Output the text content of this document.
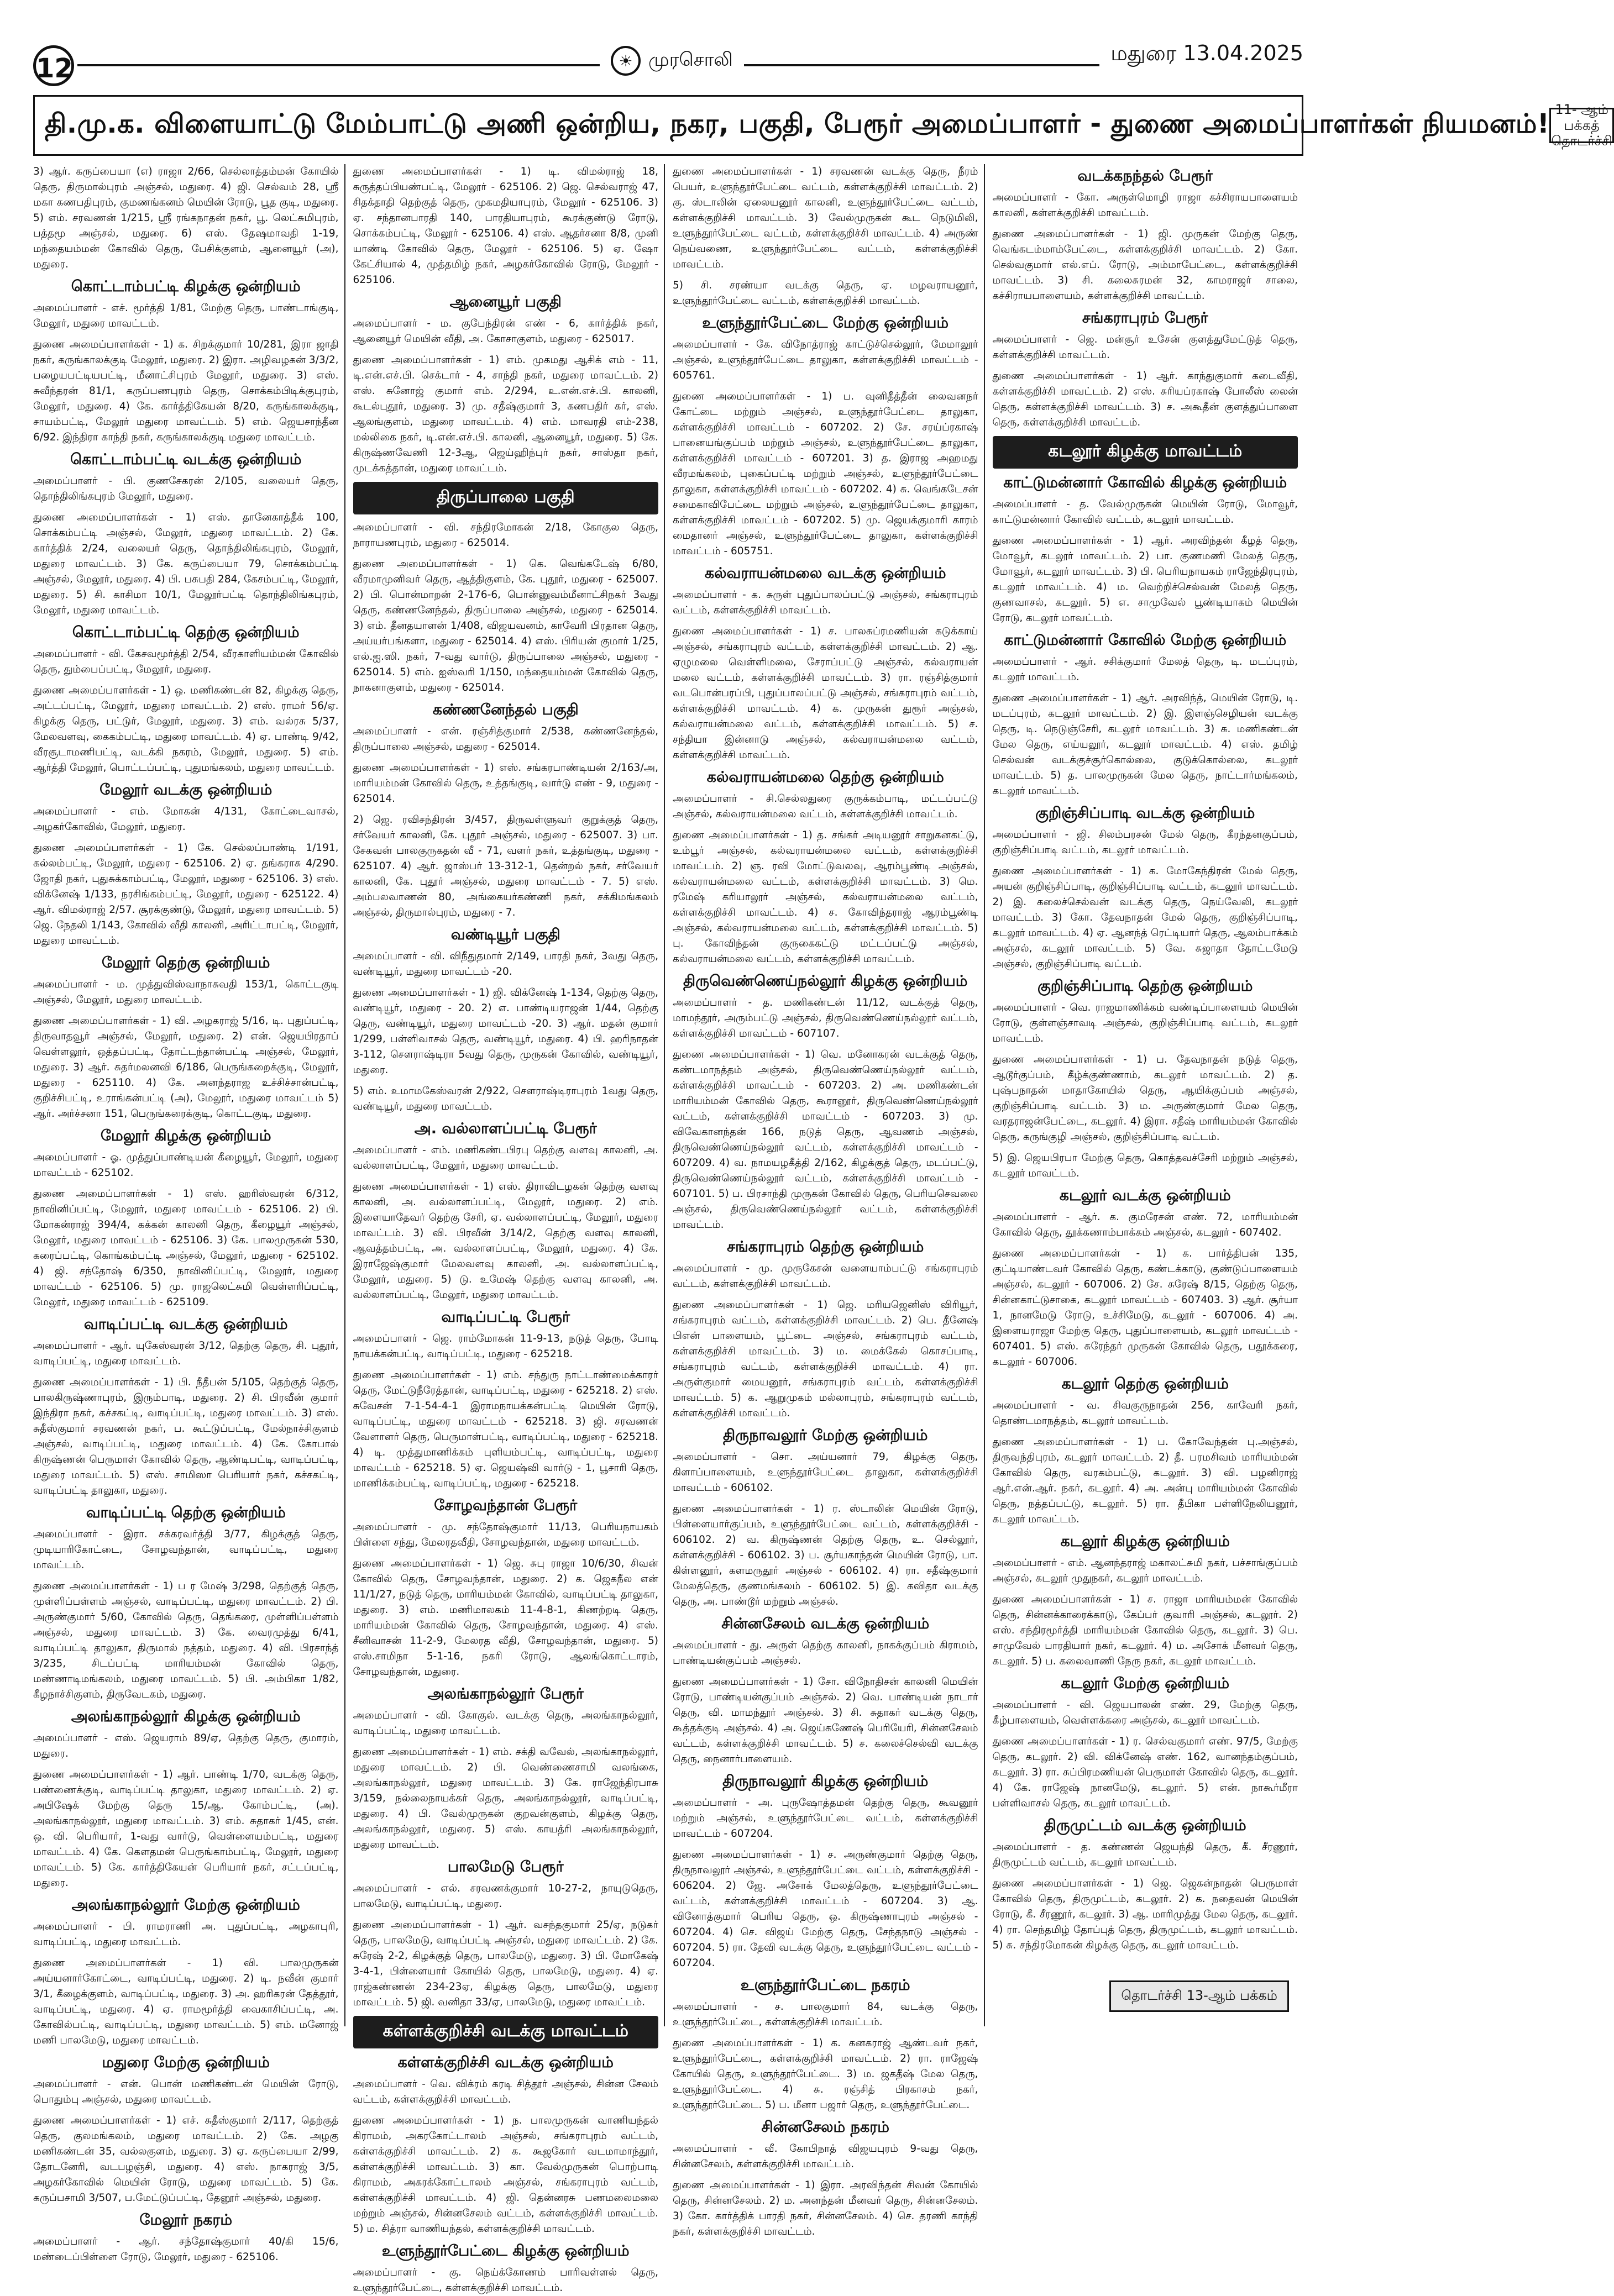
12	☀ முரசொலி	மதுரை 13.04.2025
தி.மு.க. விளையாட்டு மேம்பாட்டு அணி ஒன்றிய, நகர, பகுதி, பேரூர் அமைப்பாளர் - துணை அமைப்பாளர்கள் நியமனம்! 11- ஆம் பக்கத் தொடர்ச்சி
3) ஆர். கருப்பையா (எ) ராஜா 2/66, செல்லாத்தம்மன் கோயில் தெரு, திருமால்புரம் அஞ்சல், மதுரை. 4) ஜி. செல்வம் 28, ஸ்ரீ மகா கணபதிபுரம், குமணங்கனம் மெயின் ரோடு, பூத குடி, மதுரை. 5) எம். சரவணன் 1/215, ஸ்ரீ ரங்கநாதன் நகர், பூ. லெட்சுமிபுரம், பத்தமூ அஞ்சல், மதுரை. 6) எஸ். தேஷமாவதி 1-19, மந்தையம்மன் கோவில் தெரு, பேசிக்குளம், ஆனையூர் (அ), மதுரை.
கொட்டாம்பட்டி கிழக்கு ஒன்றியம்
அமைப்பாளர் - எச். மூர்த்தி 1/81, மேற்கு தெரு, பாண்டாங்குடி, மேலூர், மதுரை மாவட்டம்.
துணை அமைப்பாளர்கள் - 1) க. சிறக்குமார் 10/281, இரா ஜாதி நகர், கருங்காலக்குடி மேலூர், மதுரை. 2) இரா. அழிவழகன் 3/3/2, பழையபட்டியபட்டி, மீனாட்சிபுரம் மேலூர், மதுரை. 3) எஸ். சுவீந்தரன் 81/1, கருப்பணபுரம் தெரு, சொக்கம்பிடிக்குபுரம், மேலூர், மதுரை. 4) கே. கார்த்திகேயன் 8/20, கருங்காலக்குடி, சாயம்பட்டி, மேலூர் மதுரை மாவட்டம். 5) எம். ஜெயசாந்தீன 6/92. இந்திரா காந்தி நகர், கருங்காலக்குடி மதுரை மாவட்டம்.
கொட்டாம்பட்டி வடக்கு ஒன்றியம்
அமைப்பாளர் - பி. குணசேகரன் 2/105, வலையர் தெரு, தொந்திலிங்கபுரம் மேலூர், மதுரை.
துணை அமைப்பாளர்கள் - 1) எஸ். தானேகாத்தீக் 100, சொக்கம்பட்டி அஞ்சல், மேலூர், மதுரை மாவட்டம். 2) கே. கார்த்திக் 2/24, வலையர் தெரு, தொந்திலிங்கபுரம், மேலூர், மதுரை மாவட்டம். 3) கே. கருப்பையா 79, சொக்கம்பட்டி அஞ்சல், மேலூர், மதுரை. 4) பி. பசுபதி 284, கேசம்பட்டி, மேலூர், மதுரை. 5) சி. காசிமா 10/1, மேலூர்பட்டி தொந்திலிங்கபுரம், மேலூர், மதுரை மாவட்டம்.
கொட்டாம்பட்டி தெற்கு ஒன்றியம்
அமைப்பாளர் - வி. கேசவமூர்த்தி 2/54, வீரகாளியம்மன் கோவில் தெரு, தும்பைப்பட்டி, மேலூர், மதுரை.
துணை அமைப்பாளர்கள் - 1) ஒ. மணிகண்டன் 82, கிழக்கு தெரு, அட்டப்பட்டி, மேலூர், மதுரை மாவட்டம். 2) எஸ். ராமர் 56/ஏ. கிழக்கு தெரு, பட்டுர், மேலூர், மதுரை. 3) எம். வல்ரசு 5/37, மேலவளவு, கைகம்பட்டி, மதுரை மாவட்டம். 4) ஏ. பாண்டி 9/42, வீரசூடாமணிபட்டி, வடக்கி நகரம், மேலூர், மதுரை. 5) எம். ஆர்த்தி மேலூர், பொட்டப்பட்டி, புதுமங்கலம், மதுரை மாவட்டம்.
மேலூர் வடக்கு ஒன்றியம்
அமைப்பாளர் - எம். மோகன் 4/131, கோட்டைவாசல், அழகர்கோவில், மேலூர், மதுரை.
துணை அமைப்பாளர்கள் - 1) கே. செல்லப்பாண்டி 1/191, கல்லம்பட்டி, மேலூர், மதுரை - 625106. 2) ஏ. தங்கராசு 4/290. ஜோதி நகர், புதுசுக்காம்பட்டி, மேலூர், மதுரை - 625106. 3) எஸ். விக்னேஷ் 1/133, நரசிங்கம்பட்டி, மேலூர், மதுரை - 625122. 4) ஆர். விமல்ராஜ் 2/57. சூரக்குண்டு, மேலூர், மதுரை மாவட்டம். 5) ஜெ. நேதலி 1/143, கோவில் வீதி காலனி, அரிட்டாபட்டி, மேலூர், மதுரை மாவட்டம்.
மேலூர் தெற்கு ஒன்றியம்
அமைப்பாளர் - ம. முத்துவிஸ்வாநாசுவதி 153/1, கொட்டகுடி அஞ்சல், மேலூர், மதுரை மாவட்டம்.
துணை அமைப்பாளர்கள் - 1) வி. அழகராஜ் 5/16, டி. புதுப்பட்டி, திருவாதவூர் அஞ்சல், மேலூர், மதுரை. 2) என். ஜெயபிரதாப் வெள்ளலூர், ஒத்தப்பட்டி, தோட்டந்தான்பட்டி அஞ்சல், மேலூர், மதுரை. 3) ஆர். சுதர்மலனவி 6/186, பெருங்கறைக்குடி, மேலூர், மதுரை - 625110. 4) கே. அனந்தராஜ உச்சிச்சான்பட்டி, குறிச்சிபட்டி, உராங்கன்பட்டி (அ), மேலூர், மதுரை மாவட்டம் 5) ஆர். அர்ச்சனா 151, பெருங்கரைக்குடி, கொட்டகுடி, மதுரை.
மேலூர் கிழக்கு ஒன்றியம்
அமைப்பாளர் - ஓ. முத்துப்பாண்டியன் கீழையூர், மேலூர், மதுரை மாவட்டம் - 625102.
துணை அமைப்பாளர்கள் - 1) எஸ். ஹரிஸ்வரன் 6/312, நாவினிப்பட்டி, மேலூர், மதுரை மாவட்டம் - 625106. 2) பி. மோகன்ராஜ் 394/4, கக்கன் காலனி தெரு, கீழையூர் அஞ்சல், மேலூர், மதுரை மாவட்டம் - 625106. 3) கே. பாலமுருகன் 530, கரைப்பட்டி, கொங்கம்பட்டி அஞ்சல், மேலூர், மதுரை - 625102. 4) ஜி. சந்தோஷ் 6/350, நாவினிப்பட்டி, மேலூர், மதுரை மாவட்டம் - 625106. 5) மு. ராஜலெட்சுமி வெள்ளரிப்பட்டி, மேலூர், மதுரை மாவட்டம் - 625109.
வாடிப்பட்டி வடக்கு ஒன்றியம்
அமைப்பாளர் - ஆர். யுகேஸ்வரன் 3/12, தெற்கு தெரு, சி. புதூர், வாடிப்பட்டி, மதுரை மாவட்டம்.
துணை அமைப்பாளர்கள் - 1) பி. நீதீபன் 5/105, தெற்குத் தெரு, பாலகிருஷ்ணாபுரம், இரும்பாடி, மதுரை. 2) சி. பிரவீன் குமார் இந்திரா நகர், கச்சகட்டி, வாடிப்பட்டி, மதுரை மாவட்டம். 3) எஸ். சுதீஸ்குமார் சரவணன் நகர், ப. கூட்டுப்பட்டி, மேல்நாச்சிகுளம் அஞ்சல், வாடிப்பட்டி, மதுரை மாவட்டம். 4) கே. கோபால் கிருஷ்ணன் பெருமாள் கோவில் தெரு, ஆண்டிபட்டி, வாடிப்பட்டி, மதுரை மாவட்டம். 5) எஸ். சாமிஸா பெரியார் நகர், கச்சகட்டி, வாடிப்பட்டி தாலுகா, மதுரை.
வாடிப்பட்டி தெற்கு ஒன்றியம்
அமைப்பாளர் - இரா. சக்கரவர்த்தி 3/77, கிழக்குத் தெரு, முடியாரிகோட்டை, சோழவந்தான், வாடிப்பட்டி, மதுரை மாவட்டம்.
துணை அமைப்பாளர்கள் - 1) ப ர மேஷ் 3/298, தெற்குத் தெரு, முள்ளிப்பள்ளம் அஞ்சல், வாடிப்பட்டி, மதுரை மாவட்டம். 2) பி. அருண்குமார் 5/60, கோவில் தெரு, தெங்கரை, முள்ளிப்பள்ளம் அஞ்சல், மதுரை மாவட்டம். 3) கே. வைரமுத்து 6/41, வாடிப்பட்டி தாலுகா, திருமால் நத்தம், மதுரை. 4) வி. பிரசாந்த் 3/235, சிடப்பட்டி மாரியம்மன் கோவில் தெரு, மண்ணாடிமங்கலம், மதுரை மாவட்டம். 5) பி. அம்பிகா 1/82, கீழநாச்சிகுளம், திருவேடகம், மதுரை.
அலங்காநல்லூர் கிழக்கு ஒன்றியம்
அமைப்பாளர் - எஸ். ஜெயராம் 89/ஏ, தெற்கு தெரு, குமாரம், மதுரை.
துணை அமைப்பாளர்கள் - 1) ஆர். பாண்டி 1/70, வடக்கு தெரு, பண்ணைக்குடி, வாடிப்பட்டி தாலுகா, மதுரை மாவட்டம். 2) ஏ. அபிஷேக் மேற்கு தெரு 15/ஆ. கோம்பட்டி, (அ). அலங்காநல்லூர், மதுரை மாவட்டம். 3) எம். சுதாகர் 1/45, என். ஒ. வி. பெரியார், 1-வது வார்டு, வெள்ளையம்பட்டி, மதுரை மாவட்டம். 4) கே. கௌதமன் பெருங்காம்பட்டி, மேலூர், மதுரை மாவட்டம். 5) கே. கார்த்திகேயன் பெரியார் நகர், சட்டப்பட்டி, மதுரை.
அலங்காநல்லூர் மேற்கு ஒன்றியம்
அமைப்பாளர் - பி. ராமராணி அ. புதுப்பட்டி, அழகாபுரி, வாடிப்பட்டி, மதுரை மாவட்டம்.
துணை அமைப்பாளர்கள் - 1) வி. பாலமுருகன் அய்யனார்கோட்டை, வாடிப்பட்டி, மதுரை. 2) டி. நவீன் குமார் 3/1, கீழைக்குளம், வாடிப்பட்டி, மதுரை. 3) அ. ஹரிகரன் தேத்தூர், வாடிப்பட்டி, மதுரை. 4) ஏ. ராமமூர்த்தி வைகாசிப்பட்டி, அ. கோவில்பட்டி, வாடிப்பட்டி, மதுரை மாவட்டம். 5) எம். மனோஜ் மணி பாலமேடு, மதுரை மாவட்டம்.
மதுரை மேற்கு ஒன்றியம்
அமைப்பாளர் - என். பொன் மணிகண்டன் மெயின் ரோடு, பொதும்பு அஞ்சல், மதுரை மாவட்டம்.
துணை அமைப்பாளர்கள் - 1) எச். சுதீஸ்குமார் 2/117, தெற்குத் தெரு, குலமங்கலம், மதுரை மாவட்டம். 2) கே. அழகு மணிகண்டன் 35, வல்லகுளம், மதுரை. 3) ஏ. கருப்பையா 2/99, தோடனேரி, வடபழஞ்சி, மதுரை. 4) எஸ். நாகராஜ் 3/5, அழகர்கோவில் மெயின் ரோடு, மதுரை மாவட்டம். 5) கே. கருப்பசாமி 3/507, ப.மேட்டுப்பட்டி, தேனூர் அஞ்சல், மதுரை.
மேலூர் நகரம்
அமைப்பாளர் - ஆர். சந்தோஷ்குமார் 40/கி 15/6, மண்டைப்பிள்ளை ரோடு, மேலூர், மதுரை - 625106.
துணை அமைப்பாளர்கள் - 1) டி. விமல்ராஜ் 18, சுருத்தப்பியண்பட்டி, மேலூர் - 625106. 2) ஜெ. செல்வராஜ் 47, சிதக்தாதி தெற்குத் தெரு, முகமதியாபுரம், மேலூர் - 625106. 3) ஏ. சந்தானபாரதி 140, பாரதியாபுரம், கூரக்குண்டு ரோடு, சொக்கம்பட்டி, மேலூர் - 625106. 4) எஸ். ஆதர்சனா 8/8, முனி யாண்டி கோவில் தெரு, மேலூர் - 625106. 5) ஏ. ஷோ கேட்சியால் 4, முத்தமிழ் நகர், அழகர்கோவில் ரோடு, மேலூர் - 625106.
ஆனையூர் பகுதி
அமைப்பாளர் - ம. குபேந்திரன் எண் - 6, கார்த்திக் நகர், ஆனையூர் மெயின் வீதி, அ. கோசாகுளம், மதுரை - 625017.
துணை அமைப்பாளர்கள் - 1) எம். முகமது ஆசிக் எம் - 11, டி.என்.எச்.பி. செக்டார் - 4, சாந்தி நகர், மதுரை மாவட்டம். 2) எஸ். சுனோஜ் குமார் எம். 2/294, உ.என்.எச்.பி. காலனி, கூடல்புதூர், மதுரை. 3) மு. சதீஷ்குமார் 3, கணபதிர் கர், எஸ். ஆலங்குளம், மதுரை மாவட்டம். 4) எம். மாவரதி எம்-238, மல்லிகை நகர், டி.என்.எச்.பி. காலனி, ஆனையூர், மதுரை. 5) கே. கிருஷ்ணவேணி 12-3ஆ, ஜெய்ஹிந்புர் நகர், சாஸ்தா நகர், முடக்கத்தான், மதுரை மாவட்டம்.
திருப்பாலை பகுதி
அமைப்பாளர் - வி. சந்திரமோகன் 2/18, கோகுல தெரு, நாராயணபுரம், மதுரை - 625014.
துணை அமைப்பாளர்கள் - 1) கெ. வெங்கடேஷ் 6/80, வீரமாமுனிவர் தெரு, ஆத்திகுளம், கே. புதூர், மதுரை - 625007. 2) பி. பொன்மாறன் 2-176-6, பொன்னுவம்மீனாட்சிநகர் 3வது தெரு, கண்ணனேந்தல், திருப்பாலை அஞ்சல், மதுரை - 625014. 3) எம். தீனதயாளன் 1/408, விஜயவனம், காவேரி பிரதான தெரு, அய்யர்பங்களா, மதுரை - 625014. 4) எஸ். பிரியன் குமார் 1/25, எல்.ஐ.ஸி. நகர், 7-வது வார்டு, திருப்பாலை அஞ்சல், மதுரை - 625014. 5) எம். ஐஸ்வரி 1/150, மந்தையம்மன் கோவில் தெரு, நாகனாகுளம், மதுரை - 625014.
கண்ணனேந்தல் பகுதி
அமைப்பாளர் - என். ரஞ்சித்குமார் 2/538, கண்ணனேந்தல், திருப்பாலை அஞ்சல், மதுரை - 625014.
துணை அமைப்பாளர்கள் - 1) எஸ். சங்கரபாண்டியன் 2/163/அ, மாரியம்மன் கோவில் தெரு, உத்தங்குடி, வார்டு எண் - 9, மதுரை - 625014.
2) ஜெ. ரவிசந்திரன் 3/457, திருவள்ளுவர் குறுக்குத் தெரு, சர்வேயர் காலனி, கே. புதூர் அஞ்சல், மதுரை - 625007. 3) பா. சேகவன் பாலகுருகதன் வீ - 71, வளர் நகர், உத்தங்குடி, மதுரை - 625107. 4) ஆர். ஜாஸ்பர் 13-312-1, தென்றல் நகர், சர்வேயர் காலனி, கே. புதூர் அஞ்சல், மதுரை மாவட்டம் - 7. 5) எஸ். அம்பலவாணன் 80, அங்கையர்கண்ணி நகர், சக்கிமங்கலம் அஞ்சல், திருமால்புரம், மதுரை - 7.
வண்டியூர் பகுதி
அமைப்பாளர் - வி. விநீதுதமார் 2/149, பாரதி நகர், 3வது தெரு, வண்டியூர், மதுரை மாவட்டம் -20.
துணை அமைப்பாளர்கள் - 1) ஜி. விக்னேஷ் 1-134, தெற்கு தெரு, வண்டியூர், மதுரை - 20. 2) எ. பாண்டியராஜன் 1/44, தெற்கு தெரு, வண்டியூர், மதுரை மாவட்டம் -20. 3) ஆர். மதன் குமார் 1/299, பள்ளிவாசல் தெரு, வண்டியூர், மதுரை. 4) பி. ஹரிநாதன் 3-112, சௌராஷ்டிரா 5வது தெரு, முருகன் கோவில், வண்டியூர், மதுரை.
5) எம். உமாமகேஸ்வரன் 2/922, சௌராஷ்டிராபுரம் 1வது தெரு, வண்டியூர், மதுரை மாவட்டம்.
அ. வல்லாளப்பட்டி பேரூர்
அமைப்பாளர் - எம். மணிகண்டபிரபு தெற்கு வளவு காலனி, அ. வல்லாளப்பட்டி, மேலூர், மதுரை மாவட்டம்.
துணை அமைப்பாளர்கள் - 1) எஸ். திராவிடழகன் தெற்கு வளவு காலனி, அ. வல்லாளப்பட்டி, மேலூர், மதுரை. 2) எம். இளையாதேவர் தெற்கு சேரி, ஏ. வல்லாளப்பட்டி, மேலூர், மதுரை மாவட்டம். 3) வி. பிரவீன் 3/14/2, தெற்கு வளவு காலனி, ஆவத்தம்பட்டி, அ. வல்லாளப்பட்டி, மேலூர், மதுரை. 4) கே. இராஜேஷ்குமார் மேலவளவு காலனி, அ. வல்லாளப்பட்டி, மேலூர், மதுரை. 5) டு. உமேஷ் தெற்கு வளவு காலனி, அ. வல்லாளப்பட்டி, மேலூர், மதுரை மாவட்டம்.
வாடிப்பட்டி பேரூர்
அமைப்பாளர் - ஜெ. ராம்மோகன் 11-9-13, நடுத் தெரு, போடி நாயக்கன்பட்டி, வாடிப்பட்டி, மதுரை - 625218.
துணை அமைப்பாளர்கள் - 1) எம். சந்துரு நாட்டாண்மைக்காரர் தெரு, மேட்டுநீரேத்தான், வாடிப்பட்டி, மதுரை - 625218. 2) எஸ். சுவேசன் 7-1-54-4-1 இராமநாயக்கன்பட்டி மெயின் ரோடு, வாடிப்பட்டி, மதுரை மாவட்டம் - 625218. 3) ஜி. சரவணன் வேளாளர் தெரு, பெருமாள்பட்டி, வாடிப்பட்டி, மதுரை - 625218. 4) டி. முத்துமாணிக்கம் புளியம்பட்டி, வாடிப்பட்டி, மதுரை மாவட்டம் - 625218. 5) ஏ. ஜெயஷ்வி வார்டு - 1, பூசாரி தெரு, மாணிக்கம்பட்டி, வாடிப்பட்டி, மதுரை - 625218.
சோழவந்தான் பேரூர்
அமைப்பாளர் - மு. சந்தோஷ்குமார் 11/13, பெரியநாயகம் பிள்ளை சந்து, மேலரதவீதி, சோழவந்தான், மதுரை மாவட்டம்.
துணை அமைப்பாளர்கள் - 1) ஜெ. சுபு ராஜா 10/6/30, சிவன் கோவில் தெரு, சோழவந்தான், மதுரை. 2) க. ஜெகநீல என் 11/1/27, நடுத் தெரு, மாரியம்மன் கோவில், வாடிப்பட்டி தாலுகா, மதுரை. 3) எம். மணிமாலகம் 11-4-8-1, கிணற்றடி தெரு, மாரியம்மன் கோவில் தெரு, சோழவந்தான், மதுரை. 4) எஸ். சீனிவாசன் 11-2-9, மேலரத வீதி, சோழவந்தான், மதுரை. 5) எஸ்.சாமிநா 5-1-16, நகரி ரோடு, ஆலங்கொட்டாரம், சோழவந்தான், மதுரை.
அலங்காநல்லூர் பேரூர்
அமைப்பாளர் - வி. கோகுல். வடக்கு தெரு, அலங்காநல்லூர், வாடிப்பட்டி, மதுரை மாவட்டம்.
துணை அமைப்பாளர்கள் - 1) எம். சக்தி வவேல், அலங்காநல்லூர், மதுரை மாவட்டம். 2) பி. வெண்ணைசாமி வலங்கை, அலங்காநல்லூர், மதுரை மாவட்டம். 3) கே. ராஜேந்திரபாசு 3/159, நல்லைநாயக்கர் தெரு, அலங்காநல்லூர், வாடிப்பட்டி, மதுரை. 4) பி. வேல்முருகன் குறவன்குளம், கிழக்கு தெரு, அலங்காநல்லூர், மதுரை. 5) எஸ். காயத்ரி அலங்காநல்லூர், மதுரை மாவட்டம்.
பாலமேடு பேரூர்
அமைப்பாளர் - எல். சரவணக்குமார் 10-27-2, நாயுடுதெரு, பாலமேடு, வாடிப்பட்டி, மதுரை.
துணை அமைப்பாளர்கள் - 1) ஆர். வசந்தகுமார் 25/ஏ, நடுகர் தெரு, பாலமேடு, வாடிப்பட்டி அஞ்சல், மதுரை மாவட்டம். 2) கே. சுரேஷ் 2-2, கிழக்குத் தெரு, பாலமேடு, மதுரை. 3) பி. மோகேஷ் 3-4-1, பிள்ளையார் கோயில் தெரு, பாலமேடு, மதுரை. 4) ஏ. ராஜ்கண்ணன் 234-23ஏ, கிழக்கு தெரு, பாலமேடு, மதுரை மாவட்டம். 5) ஜி. வனிதா 33/ஏ, பாலமேடு, மதுரை மாவட்டம்.
கள்ளக்குறிச்சி வடக்கு மாவட்டம்
கள்ளக்குறிச்சி வடக்கு ஒன்றியம்
அமைப்பாளர் - வெ. விக்ரம் கரடி சித்தூர் அஞ்சல், சின்ன சேலம் வட்டம், கள்ளக்குறிச்சி மாவட்டம்.
துணை அமைப்பாளர்கள் - 1) ந. பாலமுருகன் வாணியந்தல் கிராமம், அகரகோட்டாலம் அஞ்சல், சங்கராபுரம் வட்டம், கள்ளக்குறிச்சி மாவட்டம். 2) க. கூஜகோர் வடமாமாந்தூர், கள்ளக்குறிச்சி மாவட்டம். 3) கா. வேல்முருகன் பொற்பாடி கிராமம், அகரக்கோட்டாலம் அஞ்சல், சங்கராபுரம் வட்டம், கள்ளக்குறிச்சி மாவட்டம். 4) ஜி. தென்னரசு பணமலைமலை மற்றும் அஞ்சல், சின்னசேலம் வட்டம், கள்ளக்குறிச்சி மாவட்டம். 5) ம. சித்ரா வாணியந்தல், கள்ளக்குறிச்சி மாவட்டம்.
உளுந்தூர்பேட்டை கிழக்கு ஒன்றியம்
அமைப்பாளர் - கு. நெய்க்கோணம் பாரிவள்ளல் தெரு, உளுந்தூர்பேட்டை, கள்ளக்குறிச்சி மாவட்டம்.
துணை அமைப்பாளர்கள் - 1) சரவணன் வடக்கு தெரு, நீரம் பெயர், உளுந்தூர்பேட்டை வட்டம், கள்ளக்குறிச்சி மாவட்டம். 2) கு. ஸ்டாலின் ஏலையனூர் காலனி, உளுந்தூர்பேட்டை வட்டம், கள்ளக்குறிச்சி மாவட்டம். 3) வேல்முருகன் கூட நெடுமிலி, உளுந்தூர்பேட்டை வட்டம், கள்ளக்குறிச்சி மாவட்டம். 4) அருண் நெய்வணை, உளுந்தூர்பேட்டை வட்டம், கள்ளக்குறிச்சி மாவட்டம்.
5) சி. சரண்யா வடக்கு தெரு, ஏ. மழவராயனூர், உளுந்தூர்பேட்டை வட்டம், கள்ளக்குறிச்சி மாவட்டம்.
உளுந்தூர்பேட்டை மேற்கு ஒன்றியம்
அமைப்பாளர் - கே. விநோத்ராஜ் காட்டுச்செல்லூர், மேமாலூர் அஞ்சல், உளுந்தூர்பேட்டை தாலுகா, கள்ளக்குறிச்சி மாவட்டம் - 605761.
துணை அமைப்பாளர்கள் - 1) ப. வுனிதீத்தீன் லைவனநர் கோட்டை மற்றும் அஞ்சல், உளுந்தூர்பேட்டை தாலுகா, கள்ளக்குறிச்சி மாவட்டம் - 607202. 2) சே. சரய்ப்ரகாஷ் பானையங்குப்பம் மற்றும் அஞ்சல், உளுந்தூர்பேட்டை தாலுகா, கள்ளக்குறிச்சி மாவட்டம் - 607201. 3) த. இராஜ அஹமது வீரமங்கலம், புகைப்பட்டி மற்றும் அஞ்சல், உளுந்தூர்பேட்டை தாலுகா, கள்ளக்குறிச்சி மாவட்டம் - 607202. 4) சு. வெங்கடேசன் சமைகாவிபேட்டை மற்றும் அஞ்சல், உளுந்தூர்பேட்டை தாலுகா, கள்ளக்குறிச்சி மாவட்டம் - 607202. 5) மு. ஜெயக்குமாரி காரம் மைதானர் அஞ்சல், உளுந்தூர்பேட்டை தாலுகா, கள்ளக்குறிச்சி மாவட்டம் - 605751.
கல்வராயன்மலை வடக்கு ஒன்றியம்
அமைப்பாளர் - க. சுருள் புதுப்பாலப்பட்டு அஞ்சல், சங்கராபுரம் வட்டம், கள்ளக்குறிச்சி மாவட்டம்.
துணை அமைப்பாளர்கள் - 1) ச. பாலசுப்ரமணியன் கடுக்காய் அஞ்சல், சங்கராபுரம் வட்டம், கள்ளக்குறிச்சி மாவட்டம். 2) ஆ. ஏழுமலை வெள்ளிமலை, சேராப்பட்டு அஞ்சல், கல்வராயன் மலை வட்டம், கள்ளக்குறிச்சி மாவட்டம். 3) ரா. ரஞ்சித்குமார் வடபொன்பரப்பி, புதுப்பாலப்பட்டு அஞ்சல், சங்கராபுரம் வட்டம், கள்ளக்குறிச்சி மாவட்டம். 4) க. முருகன் துரூர் அஞ்சல், கல்வராயன்மலை வட்டம், கள்ளக்குறிச்சி மாவட்டம். 5) ச. சந்தியா இன்னாடு அஞ்சல், கல்வராயன்மலை வட்டம், கள்ளக்குறிச்சி மாவட்டம்.
கல்வராயன்மலை தெற்கு ஒன்றியம்
அமைப்பாளர் - சி.செல்லதுரை குருக்கம்பாடி, மட்டப்பட்டு அஞ்சல், கல்வராயன்மலை வட்டம், கள்ளக்குறிச்சி மாவட்டம்.
துணை அமைப்பாளர்கள் - 1) த. சங்கர் அடியனூர் சாறுகனகட்டு, உம்பூர் அஞ்சல், கல்வராயன்மலை வட்டம், கள்ளக்குறிச்சி மாவட்டம். 2) ஞ. ரவி மோட்டுவலவு, ஆரம்பூண்டி அஞ்சல், கல்வராயன்மலை வட்டம், கள்ளக்குறிச்சி மாவட்டம். 3) மெ. ரமேஷ் கரியாலூர் அஞ்சல், கல்வராயன்மலை வட்டம், கள்ளக்குறிச்சி மாவட்டம். 4) ச. கோவிந்தராஜ் ஆரம்பூண்டி அஞ்சல், கல்வராயன்மலை வட்டம், கள்ளக்குறிச்சி மாவட்டம். 5) பு. கோவிந்தன் குருகைகட்டு மட்டப்பட்டு அஞ்சல், கல்வராயன்மலை வட்டம், கள்ளக்குறிச்சி மாவட்டம்.
திருவெண்ணெய்நல்லூர் கிழக்கு ஒன்றியம்
அமைப்பாளர் - த. மணிகண்டன் 11/12, வடக்குத் தெரு, மாமந்தூர், அரும்பட்டு அஞ்சல், திருவெண்ணெய்நல்லூர் வட்டம், கள்ளக்குறிச்சி மாவட்டம் - 607107.
துணை அமைப்பாளர்கள் - 1) வெ. மனோகரன் வடக்குத் தெரு, கண்டமாநத்தம் அஞ்சல், திருவெண்ணெய்நல்லூர் வட்டம், கள்ளக்குறிச்சி மாவட்டம் - 607203. 2) அ. மணிகண்டன் மாரியம்மன் கோவில் தெரு, கூரானூர், திருவெண்ணெய்நல்லூர் வட்டம், கள்ளக்குறிச்சி மாவட்டம் - 607203. 3) மு. விவேகானந்தன் 166, நடுத் தெரு, ஆவணம் அஞ்சல், திருவெண்ணெய்நல்லூர் வட்டம், கள்ளக்குறிச்சி மாவட்டம் - 607209. 4) வ. நாமயழகீத்தி 2/162, கிழக்குத் தெரு, மடப்பட்டு, திருவெண்ணெய்நல்லூர் வட்டம், கள்ளக்குறிச்சி மாவட்டம் - 607101. 5) ப. பிரசாந்தி முருகன் கோவில் தெரு, பெரியசெவலை அஞ்சல், திருவெண்ணெய்நல்லூர் வட்டம், கள்ளக்குறிச்சி மாவட்டம்.
சங்கராபுரம் தெற்கு ஒன்றியம்
அமைப்பாளர் - மு. முருகேசன் வளையாம்பட்டு சங்கராபுரம் வட்டம், கள்ளக்குறிச்சி மாவட்டம்.
துணை அமைப்பாளர்கள் - 1) ஜெ. மரியஜெனிஸ் விரியூர், சங்கராபுரம் வட்டம், கள்ளக்குறிச்சி மாவட்டம். 2) பெ. தீனேஷ் பிஎன் பாளையம், பூட்டை அஞ்சல், சங்கராபுரம் வட்டம், கள்ளக்குறிச்சி மாவட்டம். 3) ம. மைக்கேல் கொசப்பாடி, சங்கராபுரம் வட்டம், கள்ளக்குறிச்சி மாவட்டம். 4) ரா. அருள்குமார் மையனூர், சங்கராபுரம் வட்டம், கள்ளக்குறிச்சி மாவட்டம். 5) க. ஆறுமுகம் மல்லாபுரம், சங்கராபுரம் வட்டம், கள்ளக்குறிச்சி மாவட்டம்.
திருநாவலூர் மேற்கு ஒன்றியம்
அமைப்பாளர் - சொ. அய்யனார் 79, கிழக்கு தெரு, கிளாப்பாளையம், உளுந்தூர்பேட்டை தாலுகா, கள்ளக்குறிச்சி மாவட்டம் - 606102.
துணை அமைப்பாளர்கள் - 1) ர. ஸ்டாலின் மெயின் ரோடு, பிள்ளையார்குப்பம், உளுந்தூர்பேட்டை வட்டம், கள்ளக்குறிச்சி - 606102. 2) வ. கிருஷ்ணன் தெற்கு தெரு, உ. செல்லூர், கள்ளக்குறிச்சி - 606102. 3) ப. சூர்யகாந்தன் மெயின் ரோடு, பா. கிள்ளனூர், களமருதூர் அஞ்சல் - 606102. 4) ரா. சதீஷ்குமார் மேலத்தெரு, குணமங்கலம் - 606102. 5) இ. கவிதா வடக்கு தெரு, அ. பாண்டூர் மற்றும் அஞ்சல்.
சின்னசேலம் வடக்கு ஒன்றியம்
அமைப்பாளர் - து. அருள் தெற்கு காலனி, நாகக்குப்பம் கிராமம், பாண்டியன்குப்பம் அஞ்சல்.
துணை அமைப்பாளர்கள் - 1) சோ. விநோதிசன் காலனி மெயின் ரோடு, பாண்டியன்குப்பம் அஞ்சல். 2) வெ. பாண்டியன் நாடார் தெரு, வி. மாமந்தூர் அஞ்சல். 3) சி. சுதாகர் வடக்கு தெரு, கூத்தக்குடி அஞ்சல். 4) அ. ஜெய்கணேஷ் பெரியேரி, சின்னசேலம் வட்டம், கள்ளக்குறிச்சி மாவட்டம். 5) ச. கலைச்செல்வி வடக்கு தெரு, நைனார்பாளையம்.
திருநாவலூர் கிழக்கு ஒன்றியம்
அமைப்பாளர் - அ. புருஷோத்தமன் தெற்கு தெரு, கூவனூர் மற்றும் அஞ்சல், உளுந்தூர்பேட்டை வட்டம், கள்ளக்குறிச்சி மாவட்டம் - 607204.
துணை அமைப்பாளர்கள் - 1) ச. அருண்குமார் தெற்கு தெரு, திருநாவலூர் அஞ்சல், உளுந்தூர்பேட்டை வட்டம், கள்ளக்குறிச்சி - 606204. 2) ஜே. அசோக் மேலத்தெரு, உளுந்தூர்பேட்டை வட்டம், கள்ளக்குறிச்சி மாவட்டம் - 607204. 3) ஆ. வினோத்குமார் பெரிய தெரு, ஒ. கிருஷ்ணாபுரம் அஞ்சல் - 607204. 4) செ. விஜய் மேற்கு தெரு, சேந்தநாடு அஞ்சல் - 607204. 5) ரா. தேவி வடக்கு தெரு, உளுந்தூர்பேட்டை வட்டம் - 607204.
உளுந்தூர்பேட்டை நகரம்
அமைப்பாளர் - ச. பாலகுமார் 84, வடக்கு தெரு, உளுந்தூர்பேட்டை, கள்ளக்குறிச்சி மாவட்டம்.
துணை அமைப்பாளர்கள் - 1) க. கனகராஜ் ஆண்டவர் நகர், உளுந்தூர்பேட்டை, கள்ளக்குறிச்சி மாவட்டம். 2) ரா. ராஜேஷ் கோயில் தெரு, உளுந்தூர்பேட்டை. 3) ம. ஜகதீஷ் மேல தெரு, உளுந்தூர்பேட்டை. 4) சு. ரஞ்சித் பிரகாசம் நகர், உளுந்தூர்பேட்டை. 5) ப. மீனா பஜார் தெரு, உளுந்தூர்பேட்டை.
சின்னசேலம் நகரம்
அமைப்பாளர் - வீ. கோபிநாத் விஜயபுரம் 9-வது தெரு, சின்னசேலம், கள்ளக்குறிச்சி மாவட்டம்.
துணை அமைப்பாளர்கள் - 1) இரா. அரவிந்தன் சிவன் கோயில் தெரு, சின்னசேலம். 2) ம. அனந்தன் மீனவர் தெரு, சின்னசேலம். 3) கோ. கார்த்திக் பாரதி நகர், சின்னசேலம். 4) செ. தரணி காந்தி நகர், கள்ளக்குறிச்சி மாவட்டம்.
வடக்கநந்தல் பேரூர்
அமைப்பாளர் - கோ. அருள்மொழி ராஜா கச்சிராயபாளையம் காலனி, கள்ளக்குறிச்சி மாவட்டம்.
துணை அமைப்பாளர்கள் - 1) ஜி. முருகன் மேற்கு தெரு, வெங்கடம்மாம்பேட்டை, கள்ளக்குறிச்சி மாவட்டம். 2) கோ. செல்வகுமார் எல்.எப். ரோடு, அம்மாபேட்டை, கள்ளக்குறிச்சி மாவட்டம். 3) சி. கலைசுரமன் 32, காமராஜர் சாலை, கச்சிராயபாளையம், கள்ளக்குறிச்சி மாவட்டம்.
சங்கராபுரம் பேரூர்
அமைப்பாளர் - ஜெ. மன்சூர் உசேன் குளத்துமேட்டுத் தெரு, கள்ளக்குறிச்சி மாவட்டம்.
துணை அமைப்பாளர்கள் - 1) ஆர். காந்துகுமார் கடைவீதி, கள்ளக்குறிச்சி மாவட்டம். 2) எஸ். சுரியப்ரகாஷ் போலீஸ் லைன் தெரு, கள்ளக்குறிச்சி மாவட்டம். 3) ச. அகூதீன் குளத்துப்பாளை தெரு, கள்ளக்குறிச்சி மாவட்டம்.
கடலூர் கிழக்கு மாவட்டம்
காட்டுமன்னார் கோவில் கிழக்கு ஒன்றியம்
அமைப்பாளர் - த. வேல்முருகன் மெயின் ரோடு, மோவூர், காட்டுமன்னார் கோவில் வட்டம், கடலூர் மாவட்டம்.
துணை அமைப்பாளர்கள் - 1) ஆர். அரவிந்தன் கீழத் தெரு, மோவூர், கடலூர் மாவட்டம். 2) பா. குணமணி மேலத் தெரு, மோவூர், கடலூர் மாவட்டம். 3) பி. பெரியநாயகம் ராஜேந்திரபுரம், கடலூர் மாவட்டம். 4) ம. வெற்றிச்செல்வன் மேலத் தெரு, குணவாசல், கடலூர். 5) எ. சாமுவேல் பூண்டியாகம் மெயின் ரோடு, கடலூர் மாவட்டம்.
காட்டுமன்னார் கோவில் மேற்கு ஒன்றியம்
அமைப்பாளர் - ஆர். சசிக்குமார் மேலத் தெரு, டி. மடப்புரம், கடலூர் மாவட்டம்.
துணை அமைப்பாளர்கள் - 1) ஆர். அரவிந்த், மெயின் ரோடு, டி. மடப்புரம், கடலூர் மாவட்டம். 2) இ. இளஞ்செழியன் வடக்கு தெரு, டி. நெடுஞ்சேரி, கடலூர் மாவட்டம். 3) சு. மணிகண்டன் மேல தெரு, எய்யலூர், கடலூர் மாவட்டம். 4) எஸ். தமிழ் செல்வன் வடக்குச்சூர்கொல்லை, குடுக்கொல்லை, கடலூர் மாவட்டம். 5) த. பாலமுருகன் மேல தெரு, நாட்டார்மங்கலம், கடலூர் மாவட்டம்.
குறிஞ்சிப்பாடி வடக்கு ஒன்றியம்
அமைப்பாளர் - ஜி. சிலம்பரசன் மேல் தெரு, கீரந்தனகுப்பம், குறிஞ்சிப்பாடி வட்டம், கடலூர் மாவட்டம்.
துணை அமைப்பாளர்கள் - 1) க. மோகேந்திரன் மேல் தெரு, அயன் குறிஞ்சிப்பாடி, குறிஞ்சிப்பாடி வட்டம், கடலூர் மாவட்டம். 2) இ. கலைச்செல்வன் வடக்கு தெரு, நெய்வேலி, கடலூர் மாவட்டம். 3) கோ. தேவநாதன் மேல் தெரு, குறிஞ்சிப்பாடி, கடலூர் மாவட்டம். 4) ஏ. ஆனந்த் ரெட்டியார் தெரு, ஆலம்பாக்கம் அஞ்சல், கடலூர் மாவட்டம். 5) வே. சுஜாதா தோட்டமேடு அஞ்சல், குறிஞ்சிப்பாடி வட்டம்.
குறிஞ்சிப்பாடி தெற்கு ஒன்றியம்
அமைப்பாளர் - வெ. ராஜமாணிக்கம் வண்டிப்பாளையம் மெயின் ரோடு, குள்ளஞ்சாவடி அஞ்சல், குறிஞ்சிப்பாடி வட்டம், கடலூர் மாவட்டம்.
துணை அமைப்பாளர்கள் - 1) ப. தேவநாதன் நடுத் தெரு, ஆடூர்குப்பம், கீழ்க்குண்ணாம், கடலூர் மாவட்டம். 2) த. புஷ்பநாதன் மாதாகோயில் தெரு, ஆயிக்குப்பம் அஞ்சல், குறிஞ்சிப்பாடி வட்டம். 3) ம. அருண்குமார் மேல தெரு, வரதராஜன்பேட்டை, கடலூர். 4) இரா. சதீஷ் மாரியம்மன் கோவில் தெரு, கருங்குழி அஞ்சல், குறிஞ்சிப்பாடி வட்டம்.
5) இ. ஜெயபிரபா மேற்கு தெரு, கொத்தவச்சேரி மற்றும் அஞ்சல், கடலூர் மாவட்டம்.
கடலூர் வடக்கு ஒன்றியம்
அமைப்பாளர் - ஆர். க. குமரேசன் எண். 72, மாரியம்மன் கோவில் தெரு, தூக்கணாம்பாக்கம் அஞ்சல், கடலூர் - 607402.
துணை அமைப்பாளர்கள் - 1) க. பார்த்திபன் 135, குட்டியாண்டவர் கோவில் தெரு, கண்டக்காடு, குண்டுப்பாளையம் அஞ்சல், கடலூர் - 607006. 2) சே. சுரேஷ் 8/15, தெற்கு தெரு, சின்னகாட்டுசாகை, கடலூர் மாவட்டம் - 607403. 3) ஆர். சூர்யா 1, நானமேடு ரோடு, உச்சிமேடு, கடலூர் - 607006. 4) அ. இளையராஜா மேற்கு தெரு, புதுப்பாளையம், கடலூர் மாவட்டம் - 607401. 5) எஸ். சுரேந்தர் முருகன் கோவில் தெரு, பதூக்கரை, கடலூர் - 607006.
கடலூர் தெற்கு ஒன்றியம்
அமைப்பாளர் - வ. சிவகுருநாதன் 256, காவேரி நகர், தொண்டமாநத்தம், கடலூர் மாவட்டம்.
துணை அமைப்பாளர்கள் - 1) ப. கோவேந்தன் பு.அஞ்சல், திருவந்திபுரம், கடலூர் மாவட்டம். 2) தீ. பரமசிவம் மாரியம்மன் கோவில் தெரு, வரகம்பட்டு, கடலூர். 3) வி. பழனிராஜ் ஆர்.என்.ஆர். நகர், கடலூர். 4) அ. அன்பு மாரியம்மன் கோவில் தெரு, நத்தப்பட்டு, கடலூர். 5) ரா. தீபிகா பள்ளிநேலியனூர், கடலூர் மாவட்டம்.
கடலூர் கிழக்கு ஒன்றியம்
அமைப்பாளர் - எம். ஆனந்தராஜ் மகாலட்சுமி நகர், பச்சாங்குப்பம் அஞ்சல், கடலூர் முதுநகர், கடலூர் மாவட்டம்.
துணை அமைப்பாளர்கள் - 1) ச. ராஜா மாரியம்மன் கோவில் தெரு, சின்னக்காரைக்காடு, கேப்பர் குவாரி அஞ்சல், கடலூர். 2) எஸ். சந்திரமூர்த்தி மாரியம்மன் கோவில் தெரு, கடலூர். 3) பெ. சாமுவேல் பாரதியார் நகர், கடலூர். 4) ம. அசோக் மீனவர் தெரு, கடலூர். 5) ப. கலைவாணி நேரு நகர், கடலூர் மாவட்டம்.
கடலூர் மேற்கு ஒன்றியம்
அமைப்பாளர் - வி. ஜெயபாலன் எண். 29, மேற்கு தெரு, கீழ்பாளையம், வெள்ளக்கரை அஞ்சல், கடலூர் மாவட்டம்.
துணை அமைப்பாளர்கள் - 1) ர. செல்வகுமார் எண். 97/5, மேற்கு தெரு, கடலூர். 2) வி. விக்னேஷ் எண். 162, வானந்தம்குப்பம், கடலூர். 3) ரா. சுப்பிரமணியன் பெருமாள் கோவில் தெரு, கடலூர். 4) கே. ராஜேஷ் நானமேடு, கடலூர். 5) என். நாகூர்மீரா பள்ளிவாசல் தெரு, கடலூர் மாவட்டம்.
திருமுட்டம் வடக்கு ஒன்றியம்
அமைப்பாளர் - த. கண்ணன் ஜெயந்தி தெரு, கீ. சீரணூர், திருமுட்டம் வட்டம், கடலூர் மாவட்டம்.
துணை அமைப்பாளர்கள் - 1) ஜெ. ஜெகன்நாதன் பெருமாள் கோவில் தெரு, திருமுட்டம், கடலூர். 2) க. நதைவன் மெயின் ரோடு, கீ. சீரணூர், கடலூர். 3) ஆ. மாரிமுத்து மேல தெரு, கடலூர். 4) ரா. செந்தமிழ் தோப்புத் தெரு, திருமுட்டம், கடலூர் மாவட்டம். 5) சு. சந்திரமோகன் கிழக்கு தெரு, கடலூர் மாவட்டம்.
தொடர்ச்சி 13-ஆம் பக்கம்
